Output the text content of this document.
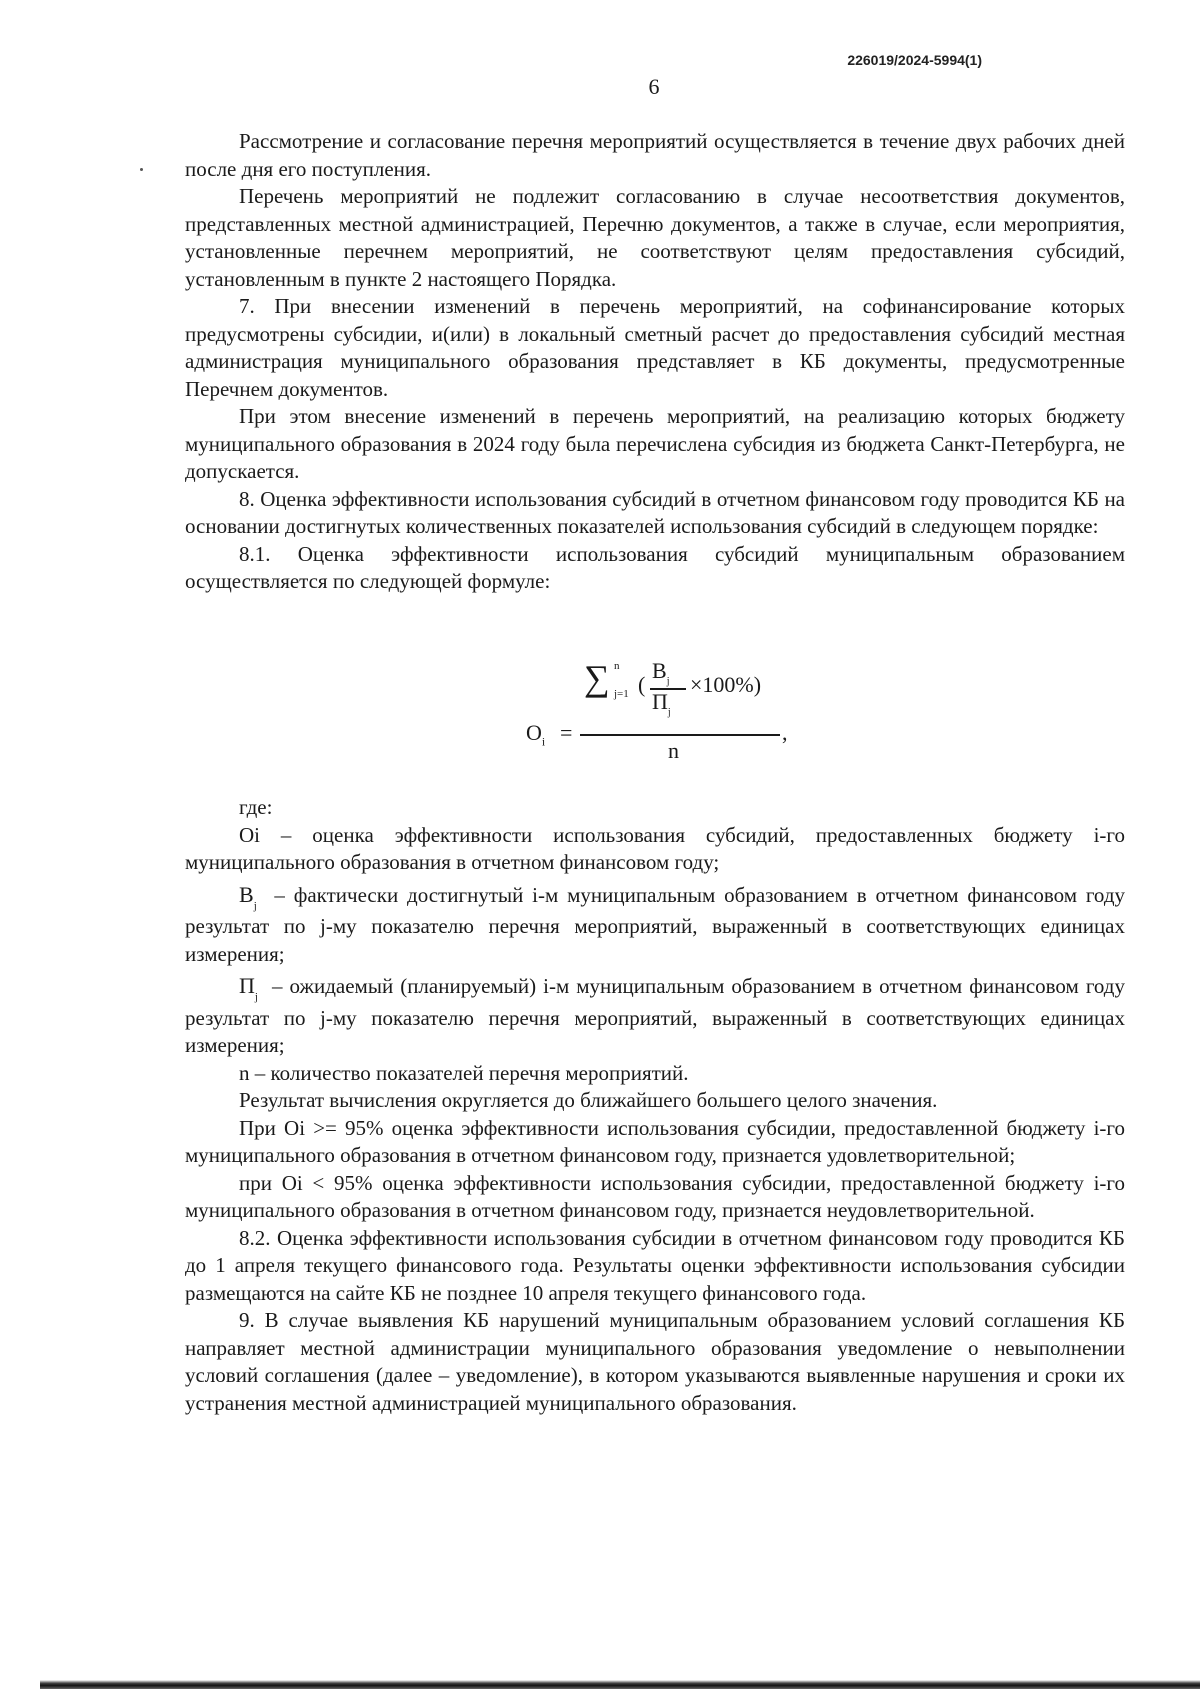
226019/2024-5994(1)
6

Рассмотрение и согласование перечня мероприятий осуществляется в течение двух рабочих дней после дня его поступления.

Перечень мероприятий не подлежит согласованию в случае несоответствия документов, представленных местной администрацией, Перечню документов, а также в случае, если мероприятия, установленные перечнем мероприятий, не соответствуют целям предоставления субсидий, установленным в пункте 2 настоящего Порядка.

7. При внесении изменений в перечень мероприятий, на софинансирование которых предусмотрены субсидии, и(или) в локальный сметный расчет до предоставления субсидий местная администрация муниципального образования представляет в КБ документы, предусмотренные Перечнем документов.

При этом внесение изменений в перечень мероприятий, на реализацию которых бюджету муниципального образования в 2024 году была перечислена субсидия из бюджета Санкт-Петербурга, не допускается.

8. Оценка эффективности использования субсидий в отчетном финансовом году проводится КБ на основании достигнутых количественных показателей использования субсидий в следующем порядке:

8.1. Оценка эффективности использования субсидий муниципальным образованием осуществляется по следующей формуле:

$О_i$ =
∑ n
j=1 (
$В_j$
$П_j$
×100%)
n
,

где:

Оi – оценка эффективности использования субсидий, предоставленных бюджету i-го муниципального образования в отчетном финансовом году;

$В_j$ – фактически достигнутый i-м муниципальным образованием в отчетном финансовом году результат по j-му показателю перечня мероприятий, выраженный в соответствующих единицах измерения;

$П_j$ – ожидаемый (планируемый) i-м муниципальным образованием в отчетном финансовом году результат по j-му показателю перечня мероприятий, выраженный в соответствующих единицах измерения;

n – количество показателей перечня мероприятий.

Результат вычисления округляется до ближайшего большего целого значения.

При Оi >= 95% оценка эффективности использования субсидии, предоставленной бюджету i-го муниципального образования в отчетном финансовом году, признается удовлетворительной;

при Оi < 95% оценка эффективности использования субсидии, предоставленной бюджету i-го муниципального образования в отчетном финансовом году, признается неудовлетворительной.

8.2. Оценка эффективности использования субсидии в отчетном финансовом году проводится КБ до 1 апреля текущего финансового года. Результаты оценки эффективности использования субсидии размещаются на сайте КБ не позднее 10 апреля текущего финансового года.

9. В случае выявления КБ нарушений муниципальным образованием условий соглашения КБ направляет местной администрации муниципального образования уведомление о невыполнении условий соглашения (далее – уведомление), в котором указываются выявленные нарушения и сроки их устранения местной администрацией муниципального образования.
